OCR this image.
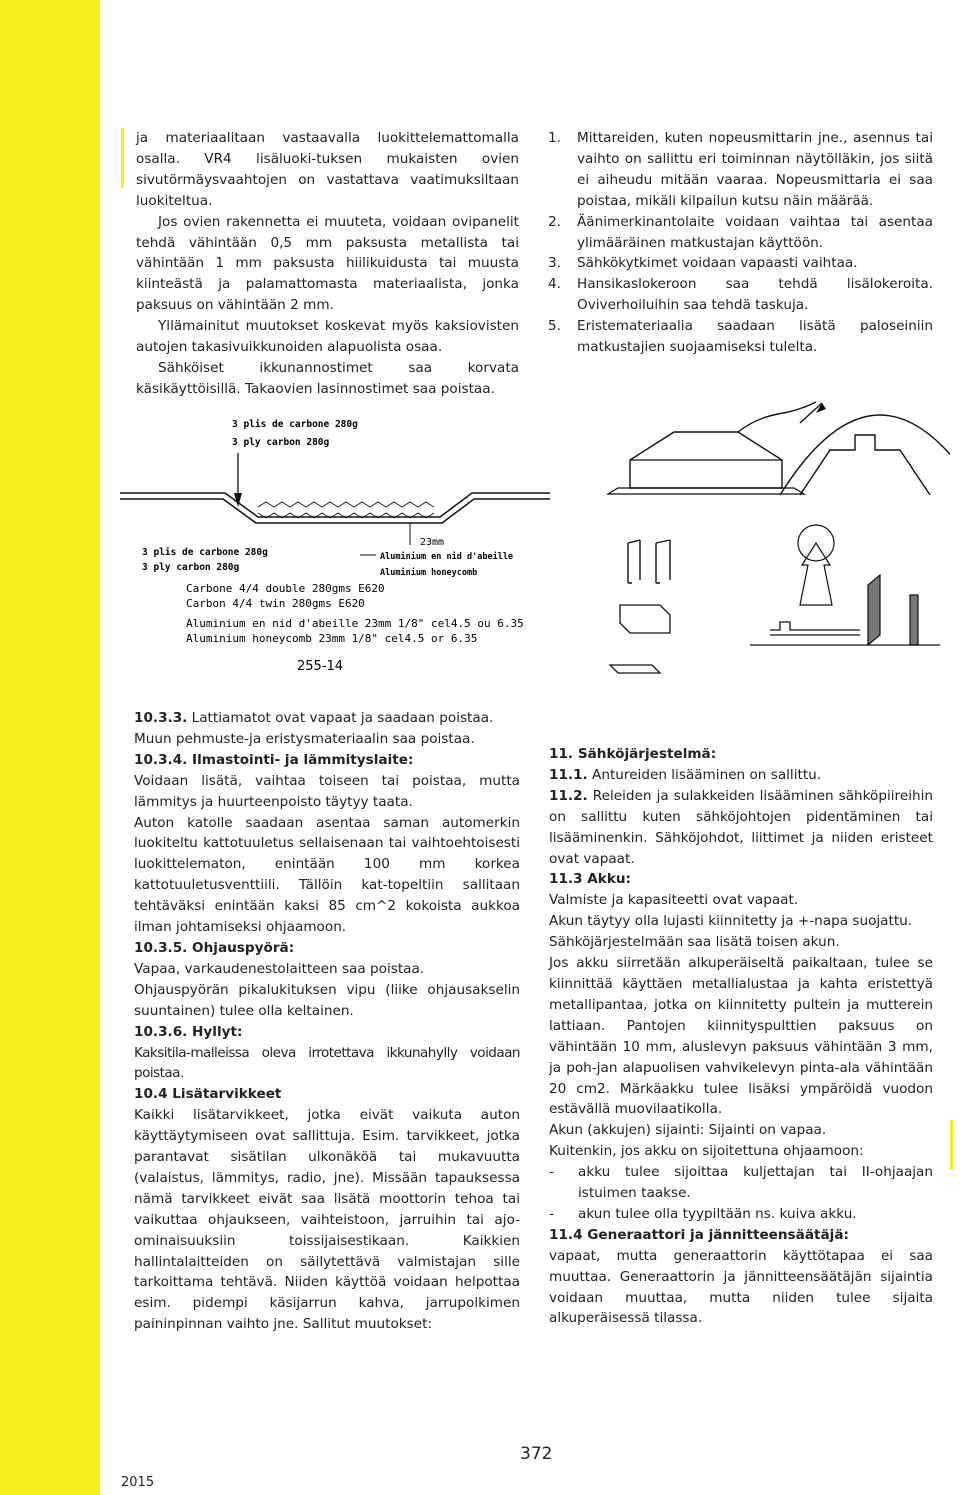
ja materiaalitaan vastaavalla luokittelemattomalla osalla. VR4 lisäluoki-tuksen mukaisten ovien sivutörmäysvaahtojen on vastattava vaatimuksiltaan luokiteltua.

Jos ovien rakennetta ei muuteta, voidaan ovipanelit tehdä vähintään 0,5 mm paksusta metallista tai vähintään 1 mm paksusta hiilikuidusta tai muusta kiinteästä ja palamattomasta materiaalista, jonka paksuus on vähintään 2 mm.

Yllämainitut muutokset koskevat myös kaksiovisten autojen takasivuikkunoiden alapuolista osaa.

Sähköiset ikkunannostimet saa korvata käsikäyttöisillä. Takaovien lasinnostimet saa poistaa.

1. Mittareiden, kuten nopeusmittarin jne., asennus tai vaihto on sallittu eri toiminnan näytölläkin, jos siitä ei aiheudu mitään vaaraa. Nopeusmittaria ei saa poistaa, mikäli kilpailun kutsu näin määrää.

2. Äänimerkinantolaite voidaan vaihtaa tai asentaa ylimääräinen matkustajan käyttöön.

3. Sähkökytkimet voidaan vapaasti vaihtaa.

4. Hansikaslokeroon saa tehdä lisälokeroita. Oviverhoiluihin saa tehdä taskuja.

5. Eristemateriaalia saadaan lisätä paloseiniin matkustajien suojaamiseksi tulelta.

3 plis de carbone 280g
3 ply carbon 280g
23mm
Aluminium en nid d'abeille
Aluminium honeycomb
3 plis de carbone 280g
3 ply carbon 280g
Carbone 4/4 double 280gms E620
Carbon 4/4 twin 280gms E620
Aluminium en nid d'abeille 23mm 1/8" cel4.5 ou 6.35
Aluminium honeycomb 23mm 1/8" cel4.5 or 6.35
255-14

10.3.3. Lattiamatot ovat vapaat ja saadaan poistaa.

Muun pehmuste-ja eristysmateriaalin saa poistaa.

10.3.4. Ilmastointi- ja lämmityslaite:

Voidaan lisätä, vaihtaa toiseen tai poistaa, mutta lämmitys ja huurteenpoisto täytyy taata.

Auton katolle saadaan asentaa saman automerkin luokiteltu kattotuuletus sellaisenaan tai vaihtoehtoisesti luokittelematon, enintään 100 mm korkea kattotuuletusventtiili. Tällöin kat-topeltiin sallitaan tehtäväksi enintään kaksi 85 cm^2 kokoista aukkoa ilman johtamiseksi ohjaamoon.

10.3.5. Ohjauspyörä:

Vapaa, varkaudenestolaitteen saa poistaa.

Ohjauspyörän pikalukituksen vipu (liike ohjausakselin suuntainen) tulee olla keltainen.

10.3.6. Hyllyt:

Kaksitila-malleissa oleva irrotettava ikkunahylly voidaan poistaa.

10.4 Lisätarvikkeet

Kaikki lisätarvikkeet, jotka eivät vaikuta auton käyttäytymiseen ovat sallittuja. Esim. tarvikkeet, jotka parantavat sisätilan ulkonäköä tai mukavuutta (valaistus, lämmitys, radio, jne). Missään tapauksessa nämä tarvikkeet eivät saa lisätä moottorin tehoa tai vaikuttaa ohjaukseen, vaihteistoon, jarruihin tai ajo-ominaisuuksiin toissijaisestikaan. Kaikkien hallintalaitteiden on säilytettävä valmistajan sille tarkoittama tehtävä. Niiden käyttöä voidaan helpottaa esim. pidempi käsijarrun kahva, jarrupolkimen paininpinnan vaihto jne. Sallitut muutokset:

11. Sähköjärjestelmä:

11.1. Antureiden lisääminen on sallittu.

11.2. Releiden ja sulakkeiden lisääminen sähköpiireihin on sallittu kuten sähköjohtojen pidentäminen tai lisääminenkin. Sähköjohdot, liittimet ja niiden eristeet ovat vapaat.

11.3 Akku:

Valmiste ja kapasiteetti ovat vapaat.

Akun täytyy olla lujasti kiinnitetty ja +-napa suojattu.

Sähköjärjestelmään saa lisätä toisen akun.

Jos akku siirretään alkuperäiseltä paikaltaan, tulee se kiinnittää käyttäen metallialustaa ja kahta eristettyä metallipantaa, jotka on kiinnitetty pultein ja mutterein lattiaan. Pantojen kiinnityspulttien paksuus on vähintään 10 mm, aluslevyn paksuus vähintään 3 mm, ja poh-jan alapuolisen vahvikelevyn pinta-ala vähintään 20 cm2. Märkäakku tulee lisäksi ympäröidä vuodon estävällä muovilaatikolla.

Akun (akkujen) sijainti: Sijainti on vapaa.

Kuitenkin, jos akku on sijoitettuna ohjaamoon:

- akku tulee sijoittaa kuljettajan tai II-ohjaajan istuimen taakse.

- akun tulee olla tyypiltään ns. kuiva akku.

11.4 Generaattori ja jännitteensäätäjä:

vapaat, mutta generaattorin käyttötapaa ei saa muuttaa. Generaattorin ja jännitteensäätäjän sijaintia voidaan muuttaa, mutta niiden tulee sijaita alkuperäisessä tilassa.

372
2015
